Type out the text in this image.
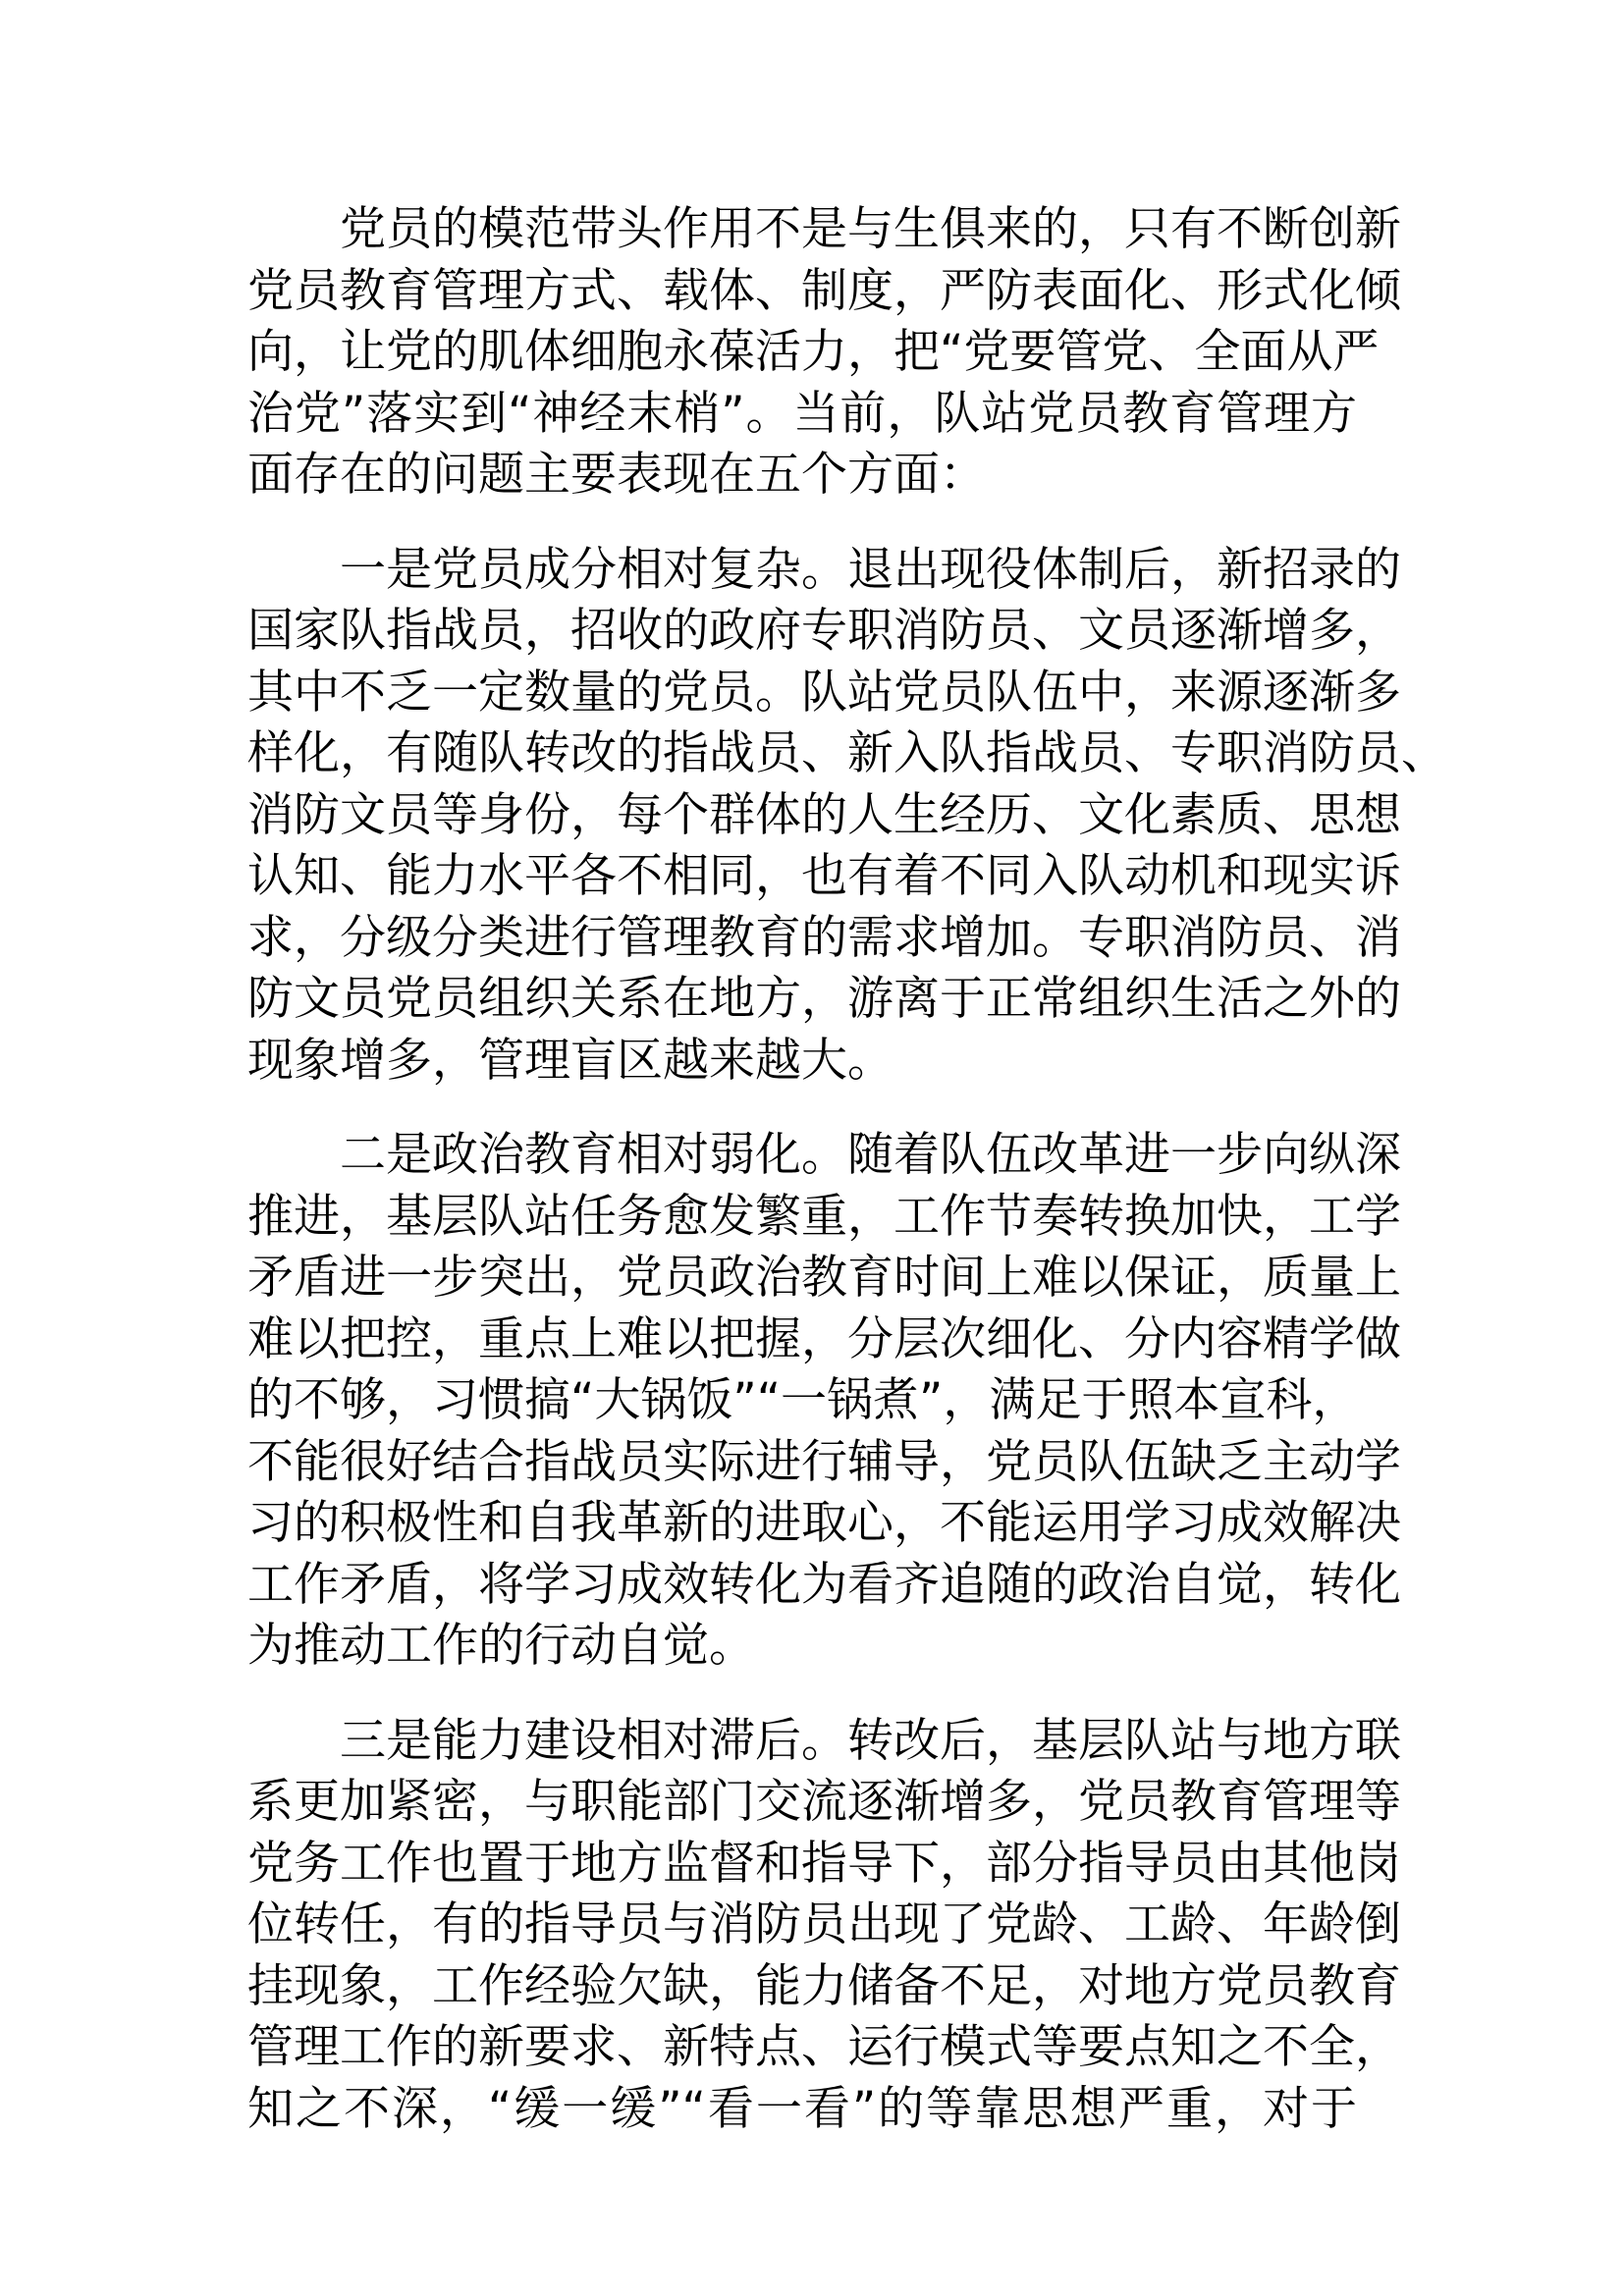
党员的模范带头作用不是与生俱来的，只有不断创新
党员教育管理方式、载体、制度，严防表面化、形式化倾
向，让党的肌体细胞永葆活力，把“党要管党、全面从严
治党”落实到“神经末梢”。当前，队站党员教育管理方
面存在的问题主要表现在五个方面：
一是党员成分相对复杂。退出现役体制后，新招录的
国家队指战员，招收的政府专职消防员、文员逐渐增多，
其中不乏一定数量的党员。队站党员队伍中，来源逐渐多
样化，有随队转改的指战员、新入队指战员、专职消防员、
消防文员等身份，每个群体的人生经历、文化素质、思想
认知、能力水平各不相同，也有着不同入队动机和现实诉
求，分级分类进行管理教育的需求增加。专职消防员、消
防文员党员组织关系在地方，游离于正常组织生活之外的
现象增多，管理盲区越来越大。
二是政治教育相对弱化。随着队伍改革进一步向纵深
推进，基层队站任务愈发繁重，工作节奏转换加快，工学
矛盾进一步突出，党员政治教育时间上难以保证，质量上
难以把控，重点上难以把握，分层次细化、分内容精学做
的不够，习惯搞“大锅饭”“一锅煮”，满足于照本宣科，
不能很好结合指战员实际进行辅导，党员队伍缺乏主动学
习的积极性和自我革新的进取心，不能运用学习成效解决
工作矛盾，将学习成效转化为看齐追随的政治自觉，转化
为推动工作的行动自觉。
三是能力建设相对滞后。转改后，基层队站与地方联
系更加紧密，与职能部门交流逐渐增多，党员教育管理等
党务工作也置于地方监督和指导下，部分指导员由其他岗
位转任，有的指导员与消防员出现了党龄、工龄、年龄倒
挂现象，工作经验欠缺，能力储备不足，对地方党员教育
管理工作的新要求、新特点、运行模式等要点知之不全，
知之不深，“缓一缓”“看一看”的等靠思想严重，对于
